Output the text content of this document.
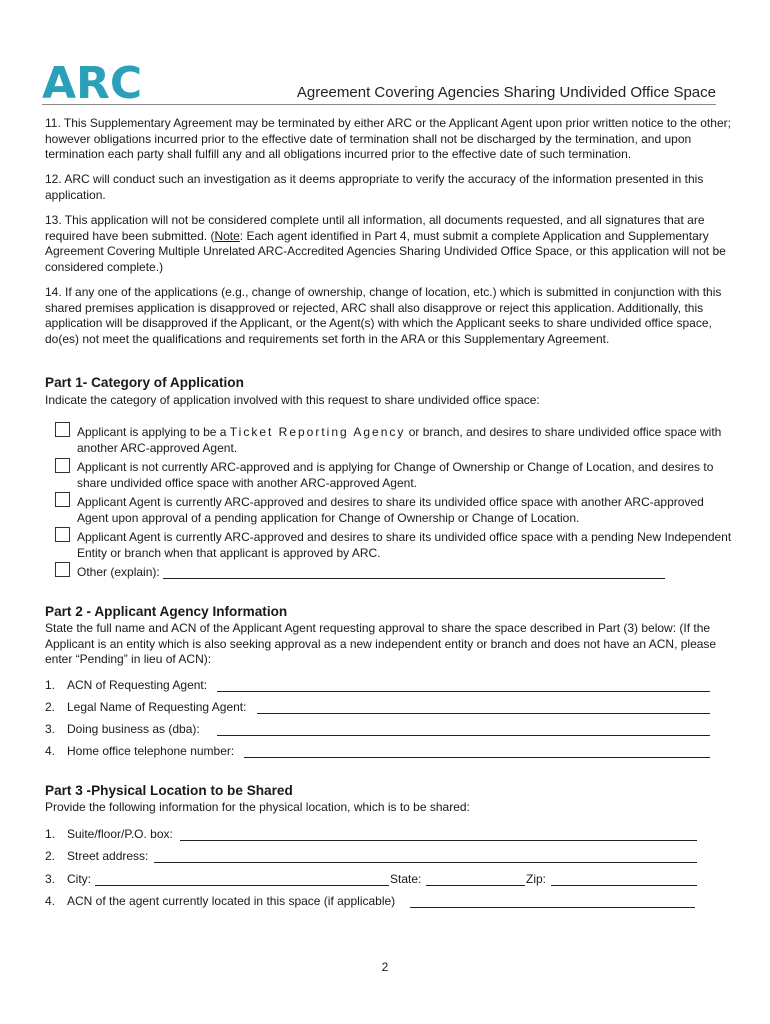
ARC	Agreement Covering Agencies Sharing Undivided Office Space
11. This Supplementary Agreement may be terminated by either ARC or the Applicant Agent upon prior written notice to the other; however obligations incurred prior to the effective date of termination shall not be discharged by the termination, and upon termination each party shall fulfill any and all obligations incurred prior to the effective date of such termination.
12. ARC will conduct such an investigation as it deems appropriate to verify the accuracy of the information presented in this application.
13. This application will not be considered complete until all information, all documents requested, and all signatures that are required have been submitted. (Note: Each agent identified in Part 4, must submit a complete Application and Supplementary Agreement Covering Multiple Unrelated ARC-Accredited Agencies Sharing Undivided Office Space, or this application will not be considered complete.)
14. If any one of the applications (e.g., change of ownership, change of location, etc.) which is submitted in conjunction with this shared premises application is disapproved or rejected, ARC shall also disapprove or reject this application. Additionally, this application will be disapproved if the Applicant, or the Agent(s) with which the Applicant seeks to share undivided office space, do(es) not meet the qualifications and requirements set forth in the ARA or this Supplementary Agreement.
Part 1- Category of Application
Indicate the category of application involved with this request to share undivided office space:
Applicant is applying to be a Ticket Reporting Agency or branch, and desires to share undivided office space with another ARC-approved Agent.
Applicant is not currently ARC-approved and is applying for Change of Ownership or Change of Location, and desires to share undivided office space with another ARC-approved Agent.
Applicant Agent is currently ARC-approved and desires to share its undivided office space with another ARC-approved Agent upon approval of a pending application for Change of Ownership or Change of Location.
Applicant Agent is currently ARC-approved and desires to share its undivided office space with a pending New Independent Entity or branch when that applicant is approved by ARC.
Other (explain):
Part 2 - Applicant Agency Information
State the full name and ACN of the Applicant Agent requesting approval to share the space described in Part (3) below: (If the Applicant is an entity which is also seeking approval as a new independent entity or branch and does not have an ACN, please enter “Pending” in lieu of ACN):
1. ACN of Requesting Agent:
2. Legal Name of Requesting Agent:
3. Doing business as (dba):
4. Home office telephone number:
Part 3 -Physical Location to be Shared
Provide the following information for the physical location, which is to be shared:
1. Suite/floor/P.O. box:
2. Street address:
3. City:	State:	Zip:
4. ACN of the agent currently located in this space (if applicable)
2
